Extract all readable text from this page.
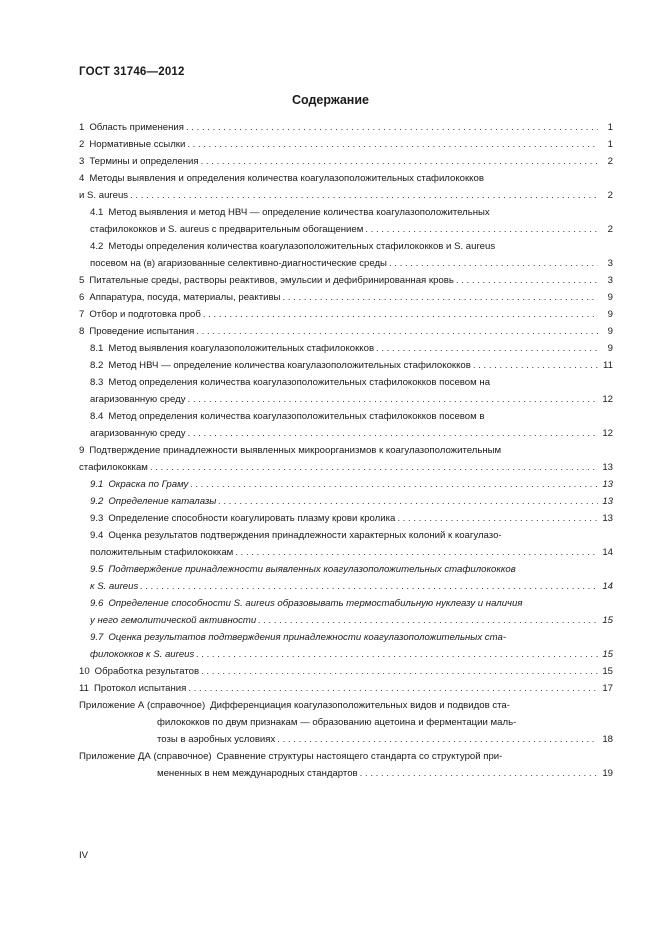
ГОСТ 31746—2012
Содержание
1 Область применения . . .	1
2 Нормативные ссылки . . .	1
3 Термины и определения . . .	2
4 Методы выявления и определения количества коагулазоположительных стафилококков
и S. aureus . . .	2
4.1 Метод выявления и метод НВЧ — определение количества коагулазоположительных
стафилококков и S. aureus с предварительным обогащением . . .	2
4.2 Методы определения количества коагулазоположительных стафилококков и S. aureus
посевом на (в) агаризованные селективно-диагностические среды . . .	3
5 Питательные среды, растворы реактивов, эмульсии и дефибринированная кровь . . .	3
6 Аппаратура, посуда, материалы, реактивы . . .	9
7 Отбор и подготовка проб . . .	9
8 Проведение испытания . . .	9
8.1 Метод выявления коагулазоположительных стафилококков . . .	9
8.2 Метод НВЧ — определение количества коагулазоположительных стафилококков . . .	11
8.3 Метод определения количества коагулазоположительных стафилококков посевом на
агаризованную среду . . .	12
8.4 Метод определения количества коагулазоположительных стафилококков посевом в
агаризованную среду . . .	12
9 Подтверждение принадлежности выявленных микроорганизмов к коагулазоположительным
стафилококкам . . .	13
9.1 Окраска по Граму . . .	13
9.2 Определение каталазы . . .	13
9.3 Определение способности коагулировать плазму крови кролика . . .	13
9.4 Оценка результатов подтверждения принадлежности характерных колоний к коагулазо-
положительным стафилококкам . . .	14
9.5 Подтверждение принадлежности выявленных коагулазоположительных стафилококков
к S. aureus . . .	14
9.6 Определение способности S. aureus образовывать термостабильную нуклеазу и наличия
у него гемолитической активности . . .	15
9.7 Оценка результатов подтверждения принадлежности коагулазоположительных ста-
филококков к S. aureus . . .	15
10 Обработка результатов . . .	15
11 Протокол испытания . . .	17
Приложение А (справочное) Дифференциация коагулазоположительных видов и подвидов ста-
филококков по двум признакам — образованию ацетоина и ферментации маль-
тозы в аэробных условиях . . .	18
Приложение ДА (справочное) Сравнение структуры настоящего стандарта со структурой при-
мененных в нем международных стандартов . . .	19
IV
